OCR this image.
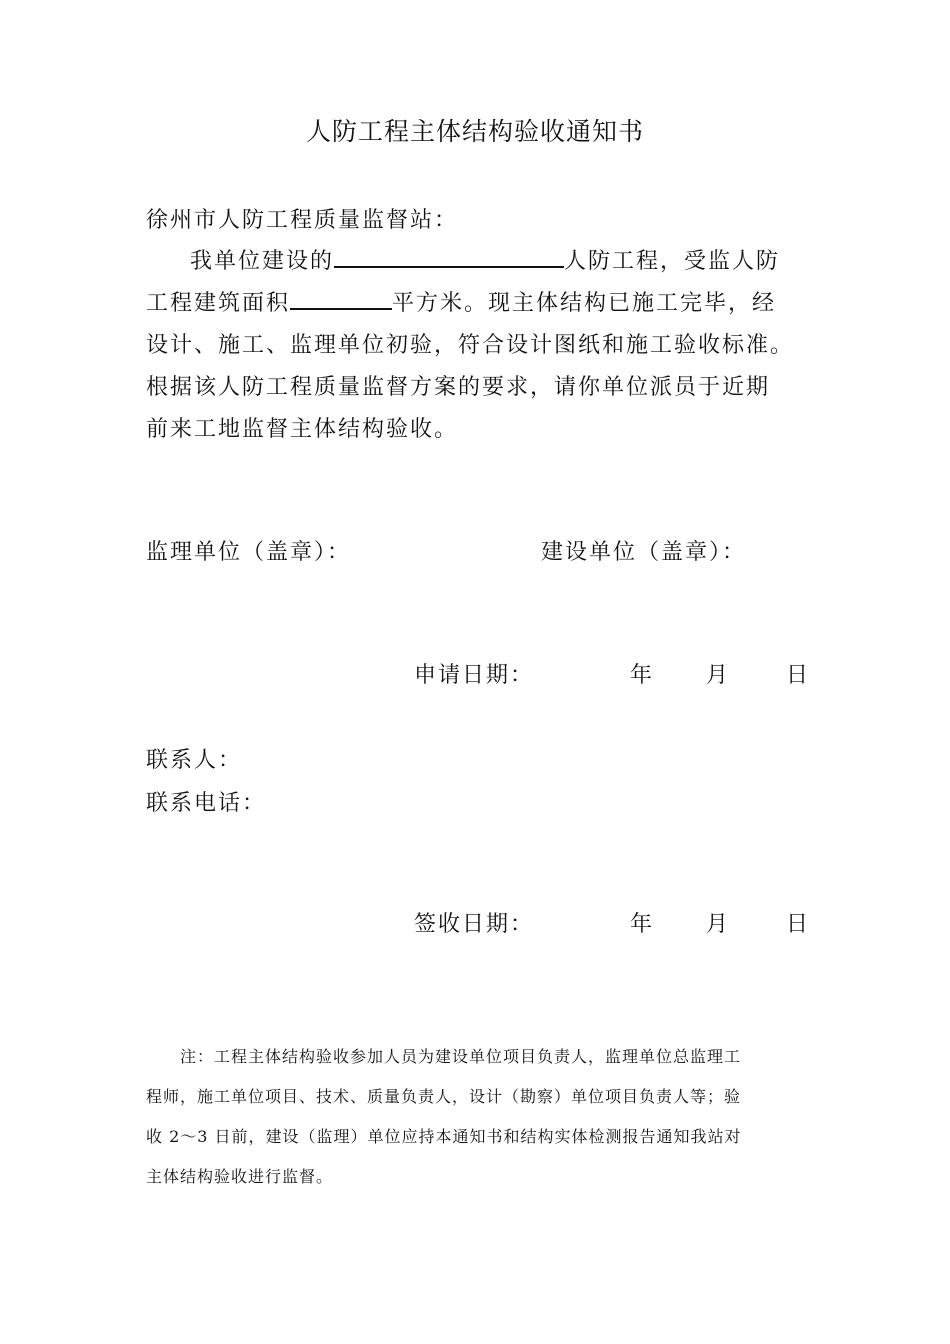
人防工程主体结构验收通知书
徐州市人防工程质量监督站：
我单位建设的	人防工程，受监人防
工程建筑面积	平方米。现主体结构已施工完毕，经
设计、施工、监理单位初验，符合设计图纸和施工验收标准。
根据该人防工程质量监督方案的要求，请你单位派员于近期
前来工地监督主体结构验收。
监理单位（盖章）：	建设单位（盖章）：
申请日期：	年 月	日
联系人：
联系电话：
签收日期：	年 月	日
注：工程主体结构验收参加人员为建设单位项目负责人，监理单位总监理工
程师，施工单位项目、技术、质量负责人，设计（勘察）单位项目负责人等；验
收 2～3 日前，建设（监理）单位应持本通知书和结构实体检测报告通知我站对
主体结构验收进行监督。
